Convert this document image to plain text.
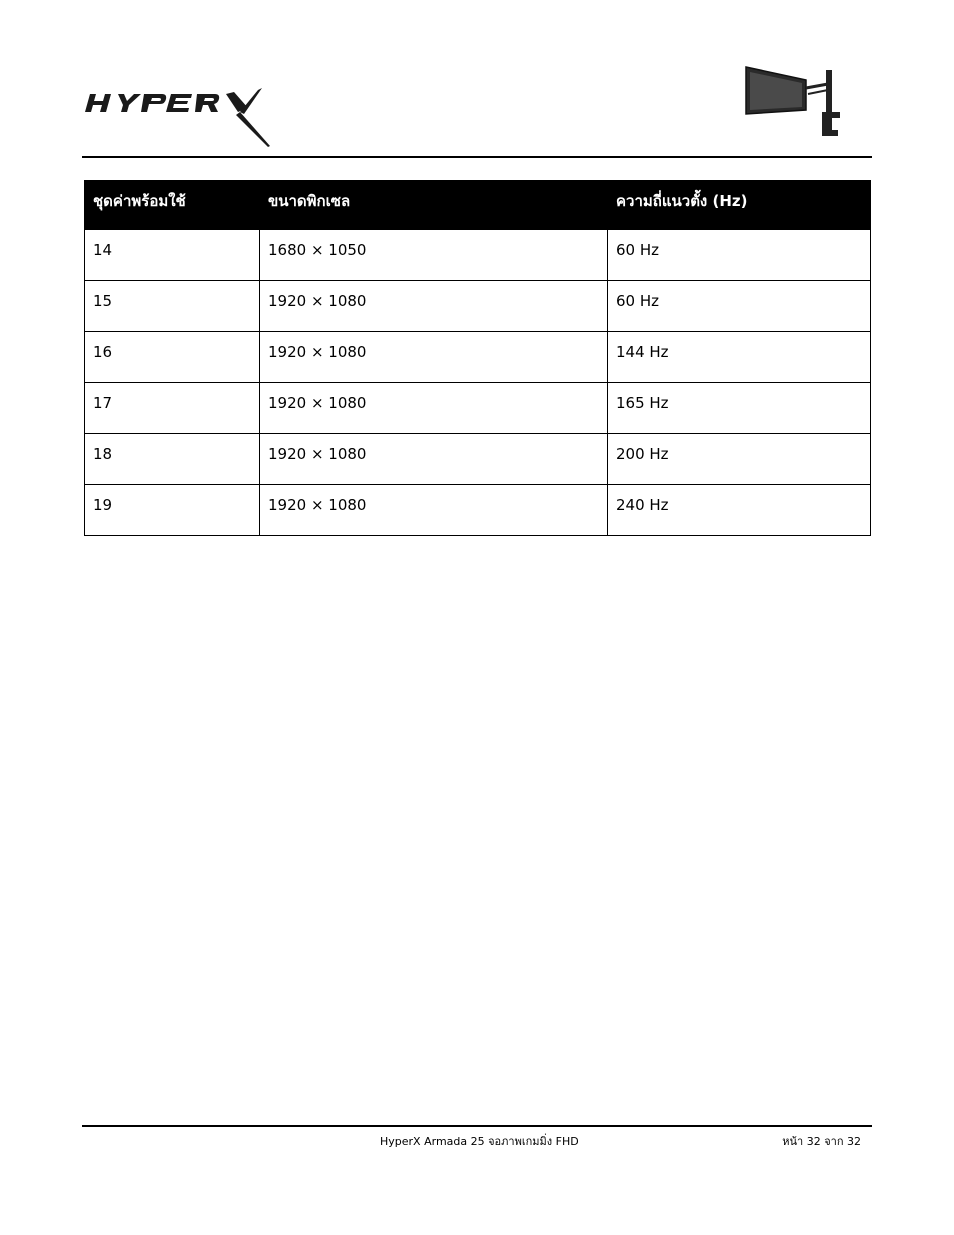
ชุดค่าพร้อมใช้	ขนาดพิกเซล	ความถี่แนวตั้ง (Hz)
14	1680 × 1050	60 Hz
15	1920 × 1080	60 Hz
16	1920 × 1080	144 Hz
17	1920 × 1080	165 Hz
18	1920 × 1080	200 Hz
19	1920 × 1080	240 Hz
HyperX Armada 25 จอภาพเกมมิ่ง FHD	หน้า 32 จาก 32
